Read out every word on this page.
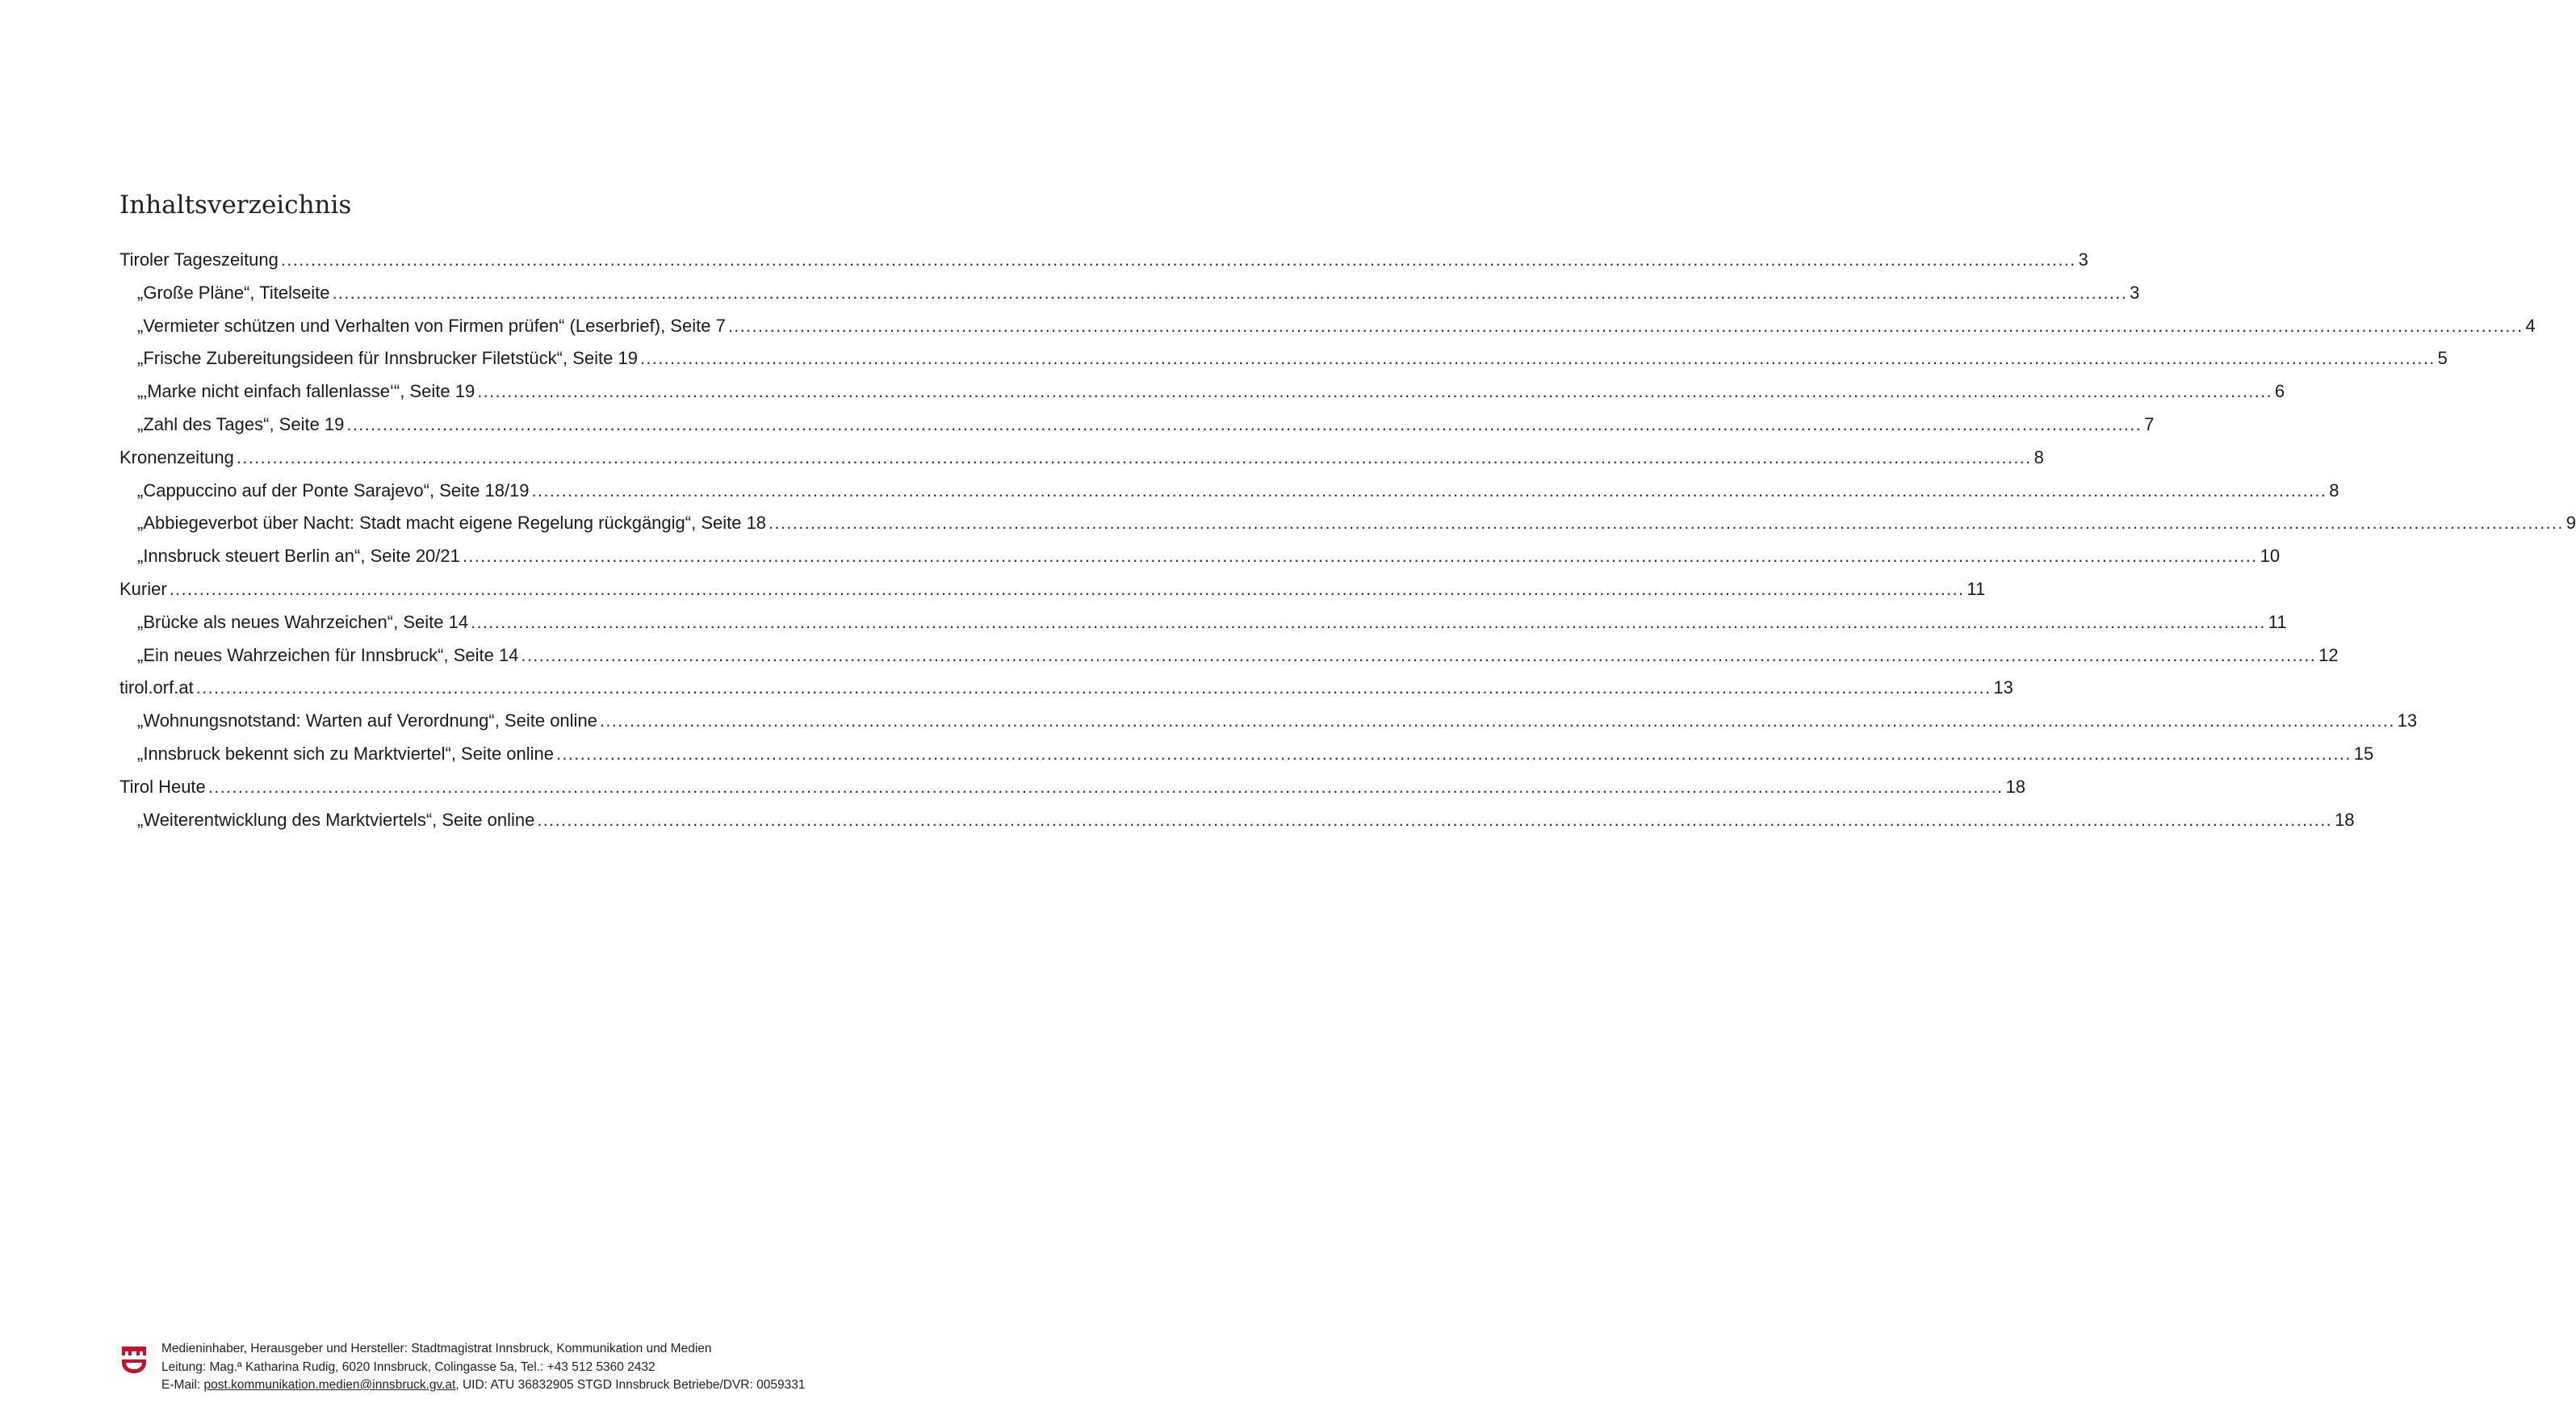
Inhaltsverzeichnis
Tiroler Tageszeitung ............................................................................................................................................................................................................................................................................................................ 3
„Große Pläne“, Titelseite ............................................................................................................................................................................................................................................................................................................ 3
„Vermieter schützen und Verhalten von Firmen prüfen“ (Leserbrief), Seite 7 ............................................................................................................................................................................................................................................................................................................ 4
„Frische Zubereitungsideen für Innsbrucker Filetstück“, Seite 19 ............................................................................................................................................................................................................................................................................................................ 5
„‚Marke nicht einfach fallenlasse‘“, Seite 19 ............................................................................................................................................................................................................................................................................................................ 6
„Zahl des Tages“, Seite 19 ............................................................................................................................................................................................................................................................................................................ 7
Kronenzeitung ............................................................................................................................................................................................................................................................................................................ 8
„Cappuccino auf der Ponte Sarajevo“, Seite 18/19 ............................................................................................................................................................................................................................................................................................................ 8
„Abbiegeverbot über Nacht: Stadt macht eigene Regelung rückgängig“, Seite 18 ............................................................................................................................................................................................................................................................................................................ 9
„Innsbruck steuert Berlin an“, Seite 20/21 ............................................................................................................................................................................................................................................................................................................ 10
Kurier ............................................................................................................................................................................................................................................................................................................ 11
„Brücke als neues Wahrzeichen“, Seite 14 ............................................................................................................................................................................................................................................................................................................ 11
„Ein neues Wahrzeichen für Innsbruck“, Seite 14 ............................................................................................................................................................................................................................................................................................................ 12
tirol.orf.at ............................................................................................................................................................................................................................................................................................................ 13
„Wohnungsnotstand: Warten auf Verordnung“, Seite online ............................................................................................................................................................................................................................................................................................................ 13
„Innsbruck bekennt sich zu Marktviertel“, Seite online ............................................................................................................................................................................................................................................................................................................ 15
Tirol Heute ............................................................................................................................................................................................................................................................................................................ 18
„Weiterentwicklung des Marktviertels“, Seite online ............................................................................................................................................................................................................................................................................................................ 18
Medieninhaber, Herausgeber und Hersteller: Stadtmagistrat Innsbruck, Kommunikation und Medien
Leitung: Mag.ª Katharina Rudig, 6020 Innsbruck, Colingasse 5a, Tel.: +43 512 5360 2432
E-Mail: post.kommunikation.medien@innsbruck.gv.at, UID: ATU 36832905 STGD Innsbruck Betriebe/DVR: 0059331
